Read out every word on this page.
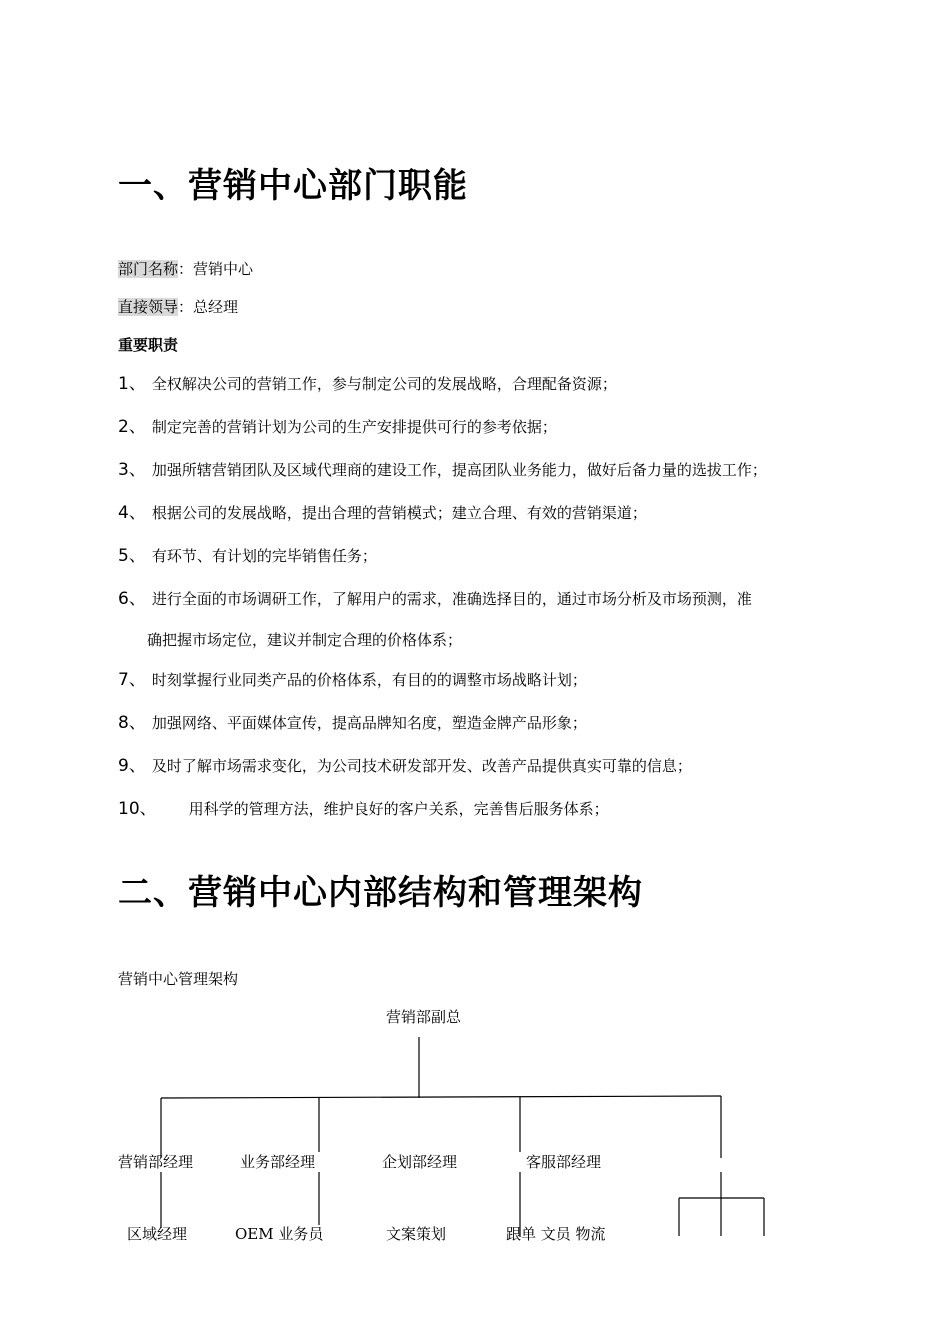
一、营销中心部门职能
部门名称：营销中心
直接领导：总经理
重要职责
1、 全权解决公司的营销工作，参与制定公司的发展战略，合理配备资源；
2、 制定完善的营销计划为公司的生产安排提供可行的参考依据；
3、 加强所辖营销团队及区域代理商的建设工作，提高团队业务能力，做好后备力量的选拔工作；
4、 根据公司的发展战略，提出合理的营销模式；建立合理、有效的营销渠道；
5、 有环节、有计划的完毕销售任务；
6、 进行全面的市场调研工作，了解用户的需求，准确选择目的，通过市场分析及市场预测，准
确把握市场定位，建议并制定合理的价格体系；
7、 时刻掌握行业同类产品的价格体系，有目的的调整市场战略计划；
8、 加强网络、平面媒体宣传，提高品牌知名度，塑造金牌产品形象；
9、 及时了解市场需求变化，为公司技术研发部开发、改善产品提供真实可靠的信息；
10、 用科学的管理方法，维护良好的客户关系，完善售后服务体系；
二、营销中心内部结构和管理架构
营销中心管理架构
营销部副总
营销部经理	业务部经理	企划部经理	客服部经理
区域经理	OEM 业务员	文案策划	跟单 文员 物流
